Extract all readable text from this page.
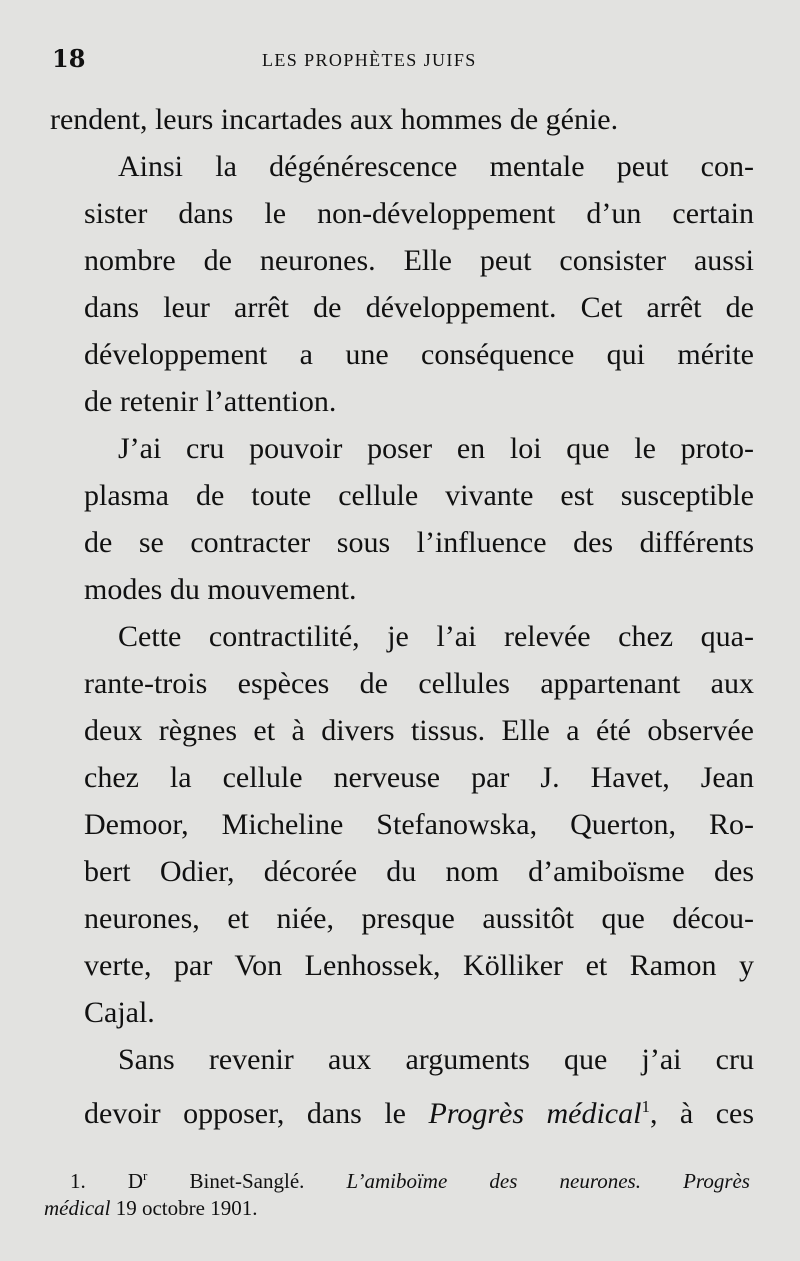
18	LES PROPHÈTES JUIFS

rendent, leurs incartades aux hommes de génie.

Ainsi la dégénérescence mentale peut con-
sister dans le non-développement d’un certain
nombre de neurones. Elle peut consister aussi
dans leur arrêt de développement. Cet arrêt de
développement a une conséquence qui mérite
de retenir l’attention.

J’ai cru pouvoir poser en loi que le proto-
plasma de toute cellule vivante est susceptible
de se contracter sous l’influence des différents
modes du mouvement.

Cette contractilité, je l’ai relevée chez qua-
rante-trois espèces de cellules appartenant aux
deux règnes et à divers tissus. Elle a été observée
chez la cellule nerveuse par J. Havet, Jean
Demoor, Micheline Stefanowska, Querton, Ro-
bert Odier, décorée du nom d’amiboïsme des
neurones, et niée, presque aussitôt que décou-
verte, par Von Lenhossek, Kölliker et Ramon y
Cajal.

Sans revenir aux arguments que j’ai cru
devoir opposer, dans le Progrès médical$^1$, à ces

1. $D^r$ Binet-Sanglé. L’amiboïme des neurones. Progrès
médical 19 octobre 1901.
